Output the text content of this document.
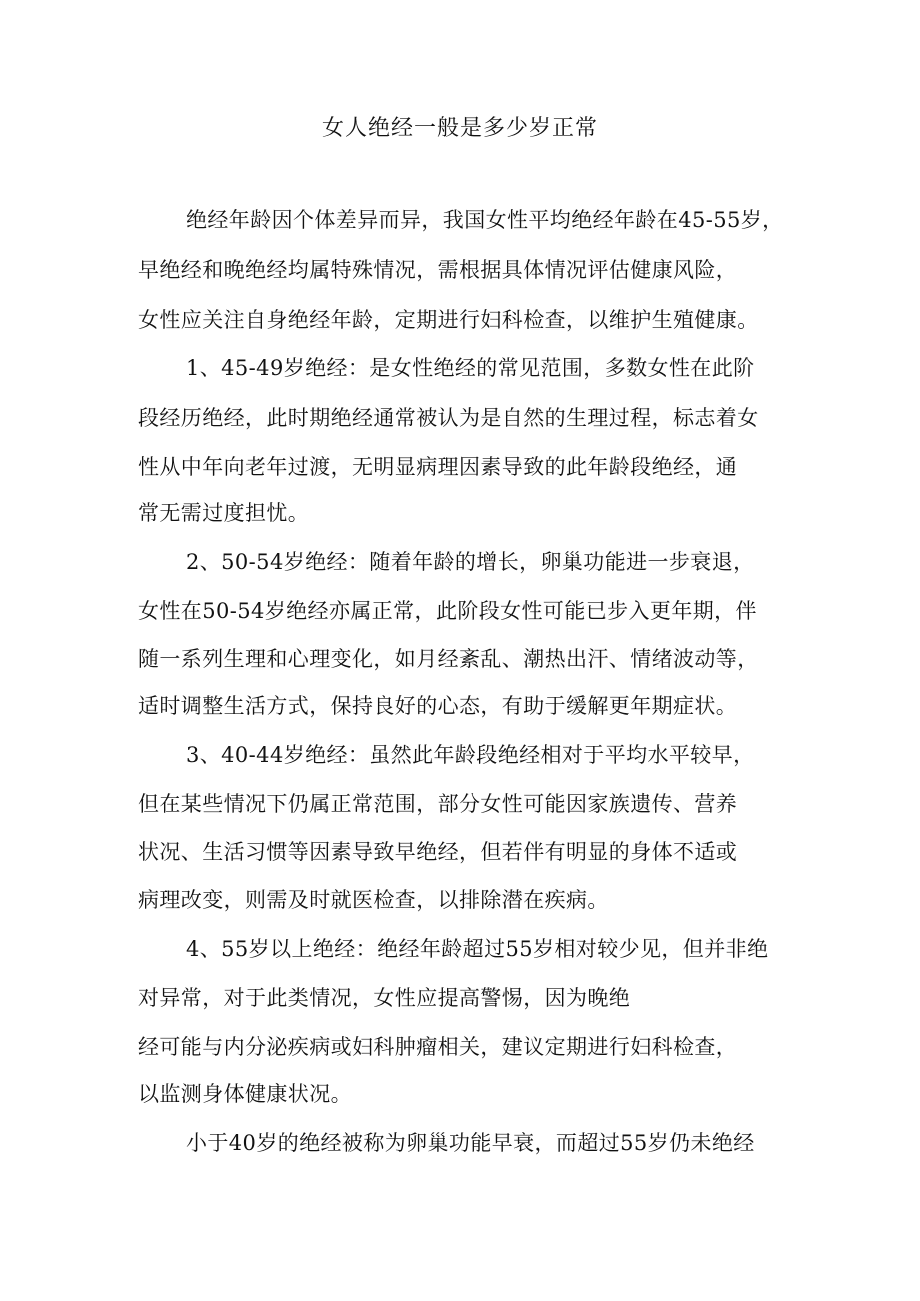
女人绝经一般是多少岁正常
绝经年龄因个体差异而异，我国女性平均绝经年龄在45-55岁，
早绝经和晚绝经均属特殊情况，需根据具体情况评估健康风险，
女性应关注自身绝经年龄，定期进行妇科检查，以维护生殖健康。
1、45-49岁绝经：是女性绝经的常见范围，多数女性在此阶
段经历绝经，此时期绝经通常被认为是自然的生理过程，标志着女
性从中年向老年过渡，无明显病理因素导致的此年龄段绝经，通
常无需过度担忧。
2、50-54岁绝经：随着年龄的增长，卵巢功能进一步衰退，
女性在50-54岁绝经亦属正常，此阶段女性可能已步入更年期，伴
随一系列生理和心理变化，如月经紊乱、潮热出汗、情绪波动等，
适时调整生活方式，保持良好的心态，有助于缓解更年期症状。
3、40-44岁绝经：虽然此年龄段绝经相对于平均水平较早，
但在某些情况下仍属正常范围，部分女性可能因家族遗传、营养
状况、生活习惯等因素导致早绝经，但若伴有明显的身体不适或
病理改变，则需及时就医检查，以排除潜在疾病。
4、55岁以上绝经：绝经年龄超过55岁相对较少见，但并非绝
对异常，对于此类情况，女性应提高警惕，因为晚绝
经可能与内分泌疾病或妇科肿瘤相关，建议定期进行妇科检查，
以监测身体健康状况。
小于40岁的绝经被称为卵巢功能早衰，而超过55岁仍未绝经
